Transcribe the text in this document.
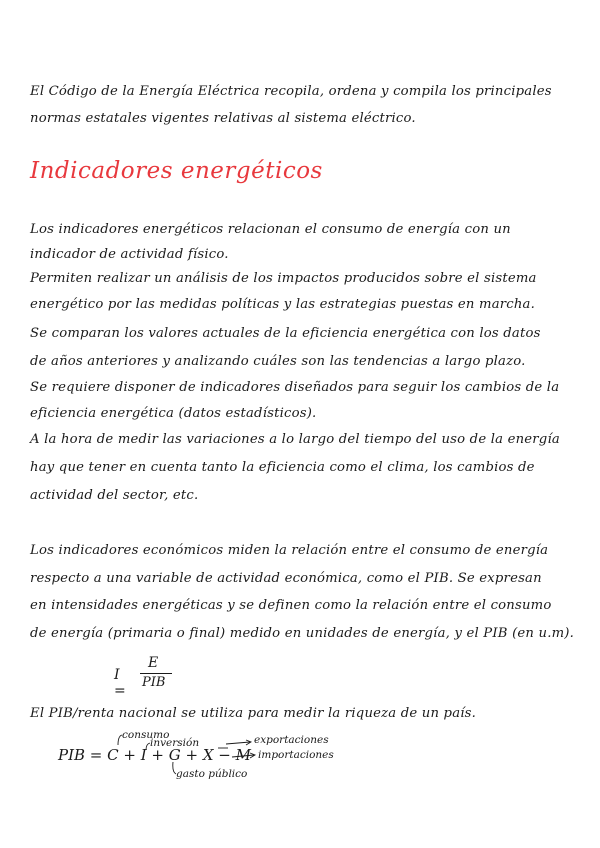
El Código de la Energía Eléctrica recopila, ordena y compila los principales
normas estatales vigentes relativas al sistema eléctrico.
Indicadores energéticos
Los indicadores energéticos relacionan el consumo de energía con un
indicador de actividad físico.
Permiten realizar un análisis de los impactos producidos sobre el sistema
energético por las medidas políticas y las estrategias puestas en marcha.
Se comparan los valores actuales de la eficiencia energética con los datos
de años anteriores y analizando cuáles son las tendencias a largo plazo.
Se requiere disponer de indicadores diseñados para seguir los cambios de la
eficiencia energética (datos estadísticos).
A la hora de medir las variaciones a lo largo del tiempo del uso de la energía
hay que tener en cuenta tanto la eficiencia como el clima, los cambios de
actividad del sector, etc.
Los indicadores económicos miden la relación entre el consumo de energía
respecto a una variable de actividad económica, como el PIB. Se expresan
en intensidades energéticas y se definen como la relación entre el consumo
de energía (primaria o final) medido en unidades de energía, y el PIB (en u.m).
I =
E
PIB
El PIB/renta nacional se utiliza para medir la riqueza de un país.
consumo
inversión	exportaciones
importaciones
gasto público
PIB = C + I + G + X − M
